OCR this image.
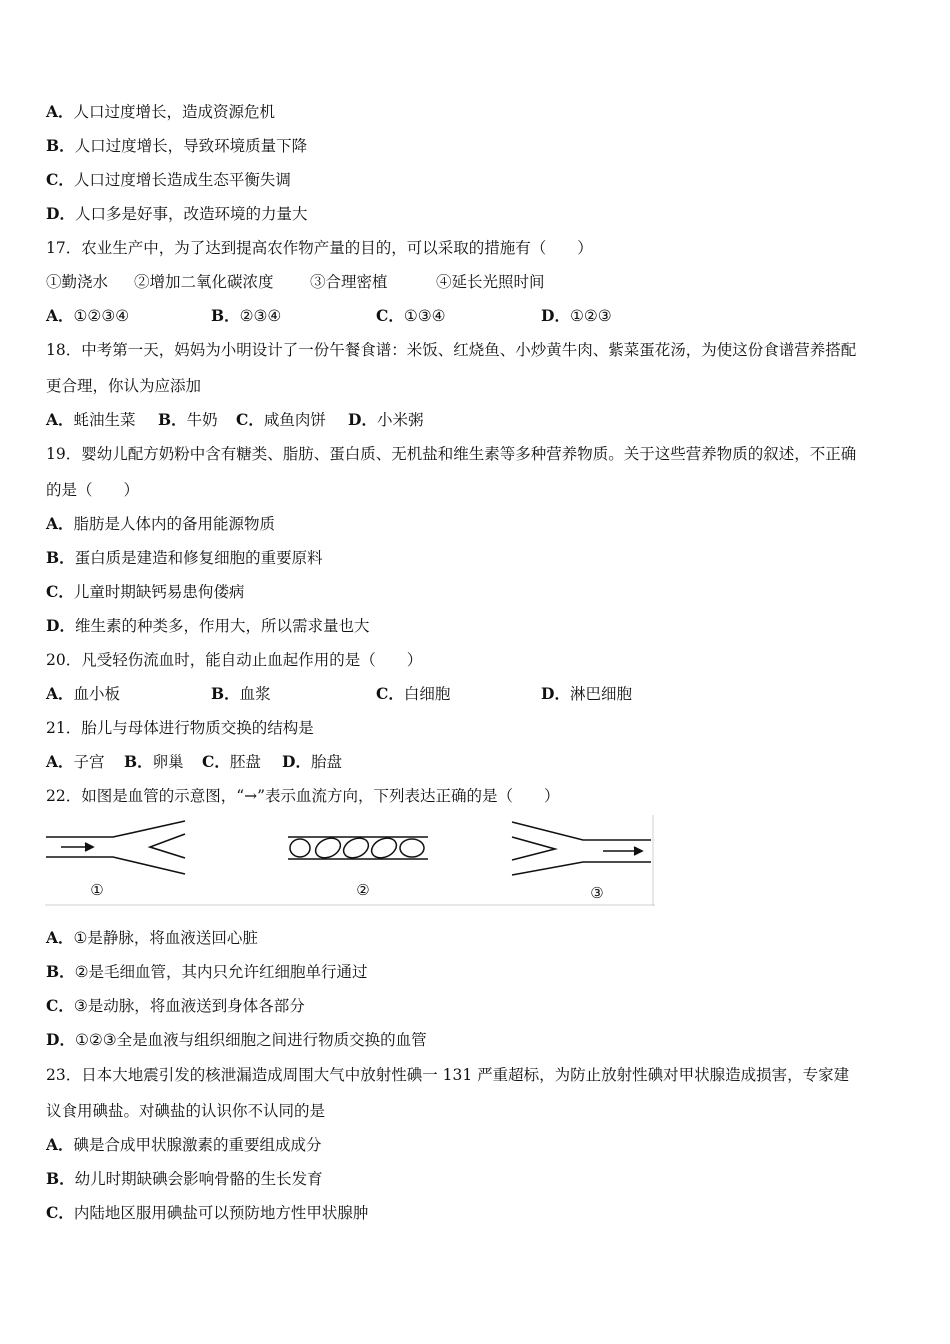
A．人口过度增长，造成资源危机
B．人口过度增长，导致环境质量下降
C．人口过度增长造成生态平衡失调
D．人口多是好事，改造环境的力量大
17．农业生产中，为了达到提高农作物产量的目的，可以采取的措施有（　　）
①勤浇水 ②增加二氧化碳浓度 ③合理密植	④延长光照时间
A．①②③④	B．②③④	C．①③④	D．①②③
18．中考第一天，妈妈为小明设计了一份午餐食谱：米饭、红烧鱼、小炒黄牛肉、紫菜蛋花汤，为使这份食谱营养搭配
更合理，你认为应添加
A．蚝油生菜 B．牛奶 C．咸鱼肉饼 D．小米粥
19．婴幼儿配方奶粉中含有糖类、脂肪、蛋白质、无机盐和维生素等多种营养物质。关于这些营养物质的叙述，不正确
的是（　　）
A．脂肪是人体内的备用能源物质
B．蛋白质是建造和修复细胞的重要原料
C．儿童时期缺钙易患佝偻病
D．维生素的种类多，作用大，所以需求量也大
20．凡受轻伤流血时，能自动止血起作用的是（　　）
A．血小板	B．血浆	C．白细胞	D．淋巴细胞
21．胎儿与母体进行物质交换的结构是
A．子宫 B．卵巢 C．胚盘 D．胎盘
22．如图是血管的示意图，“→”表示血流方向，下列表达正确的是（　　）
①	②	③
A．①是静脉，将血液送回心脏
B．②是毛细血管，其内只允许红细胞单行通过
C．③是动脉，将血液送到身体各部分
D．①②③全是血液与组织细胞之间进行物质交换的血管
23．日本大地震引发的核泄漏造成周围大气中放射性碘一 131 严重超标，为防止放射性碘对甲状腺造成损害，专家建
议食用碘盐。对碘盐的认识你不认同的是
A．碘是合成甲状腺激素的重要组成成分
B．幼儿时期缺碘会影响骨骼的生长发育
C．内陆地区服用碘盐可以预防地方性甲状腺肿
